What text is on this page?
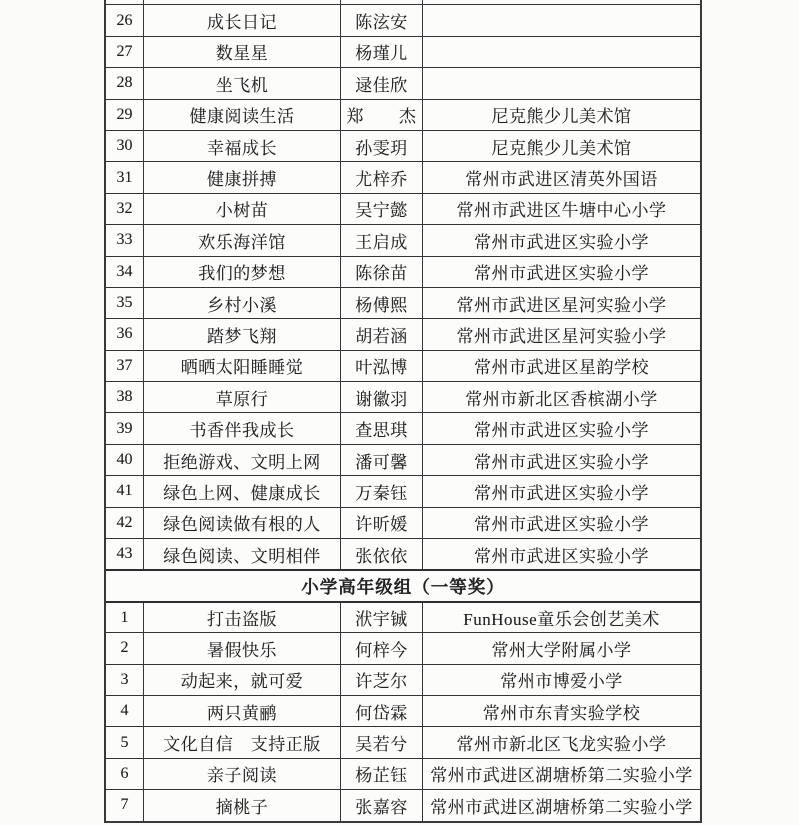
26	成长日记	陈泫安
27	数星星	杨瑾儿
28	坐飞机	逯佳欣
29	健康阅读生活	郑　　杰	尼克熊少儿美术馆
30	幸福成长	孙雯玥	尼克熊少儿美术馆
31	健康拼搏	尤梓乔	常州市武进区清英外国语
32	小树苗	吴宁懿	常州市武进区牛塘中心小学
33	欢乐海洋馆	王启成	常州市武进区实验小学
34	我们的梦想	陈徐苗	常州市武进区实验小学
35	乡村小溪	杨傅熙	常州市武进区星河实验小学
36	踏梦飞翔	胡若涵	常州市武进区星河实验小学
37	晒晒太阳睡睡觉	叶泓博	常州市武进区星韵学校
38	草原行	谢徽羽	常州市新北区香槟湖小学
39	书香伴我成长	查思琪	常州市武进区实验小学
40	拒绝游戏、文明上网	潘可馨	常州市武进区实验小学
41	绿色上网、健康成长	万秦钰	常州市武进区实验小学
42	绿色阅读做有根的人	许昕媛	常州市武进区实验小学
43	绿色阅读、文明相伴	张依依	常州市武进区实验小学
小学高年级组（一等奖）
1	打击盗版	洑宇铖	FunHouse童乐会创艺美术
2	暑假快乐	何梓今	常州大学附属小学
3	动起来，就可爱	许芝尔	常州市博爱小学
4	两只黄鹂	何岱霖	常州市东青实验学校
5	文化自信　支持正版	吴若兮	常州市新北区飞龙实验小学
6	亲子阅读	杨芷钰	常州市武进区湖塘桥第二实验小学
7	摘桃子	张嘉容	常州市武进区湖塘桥第二实验小学
